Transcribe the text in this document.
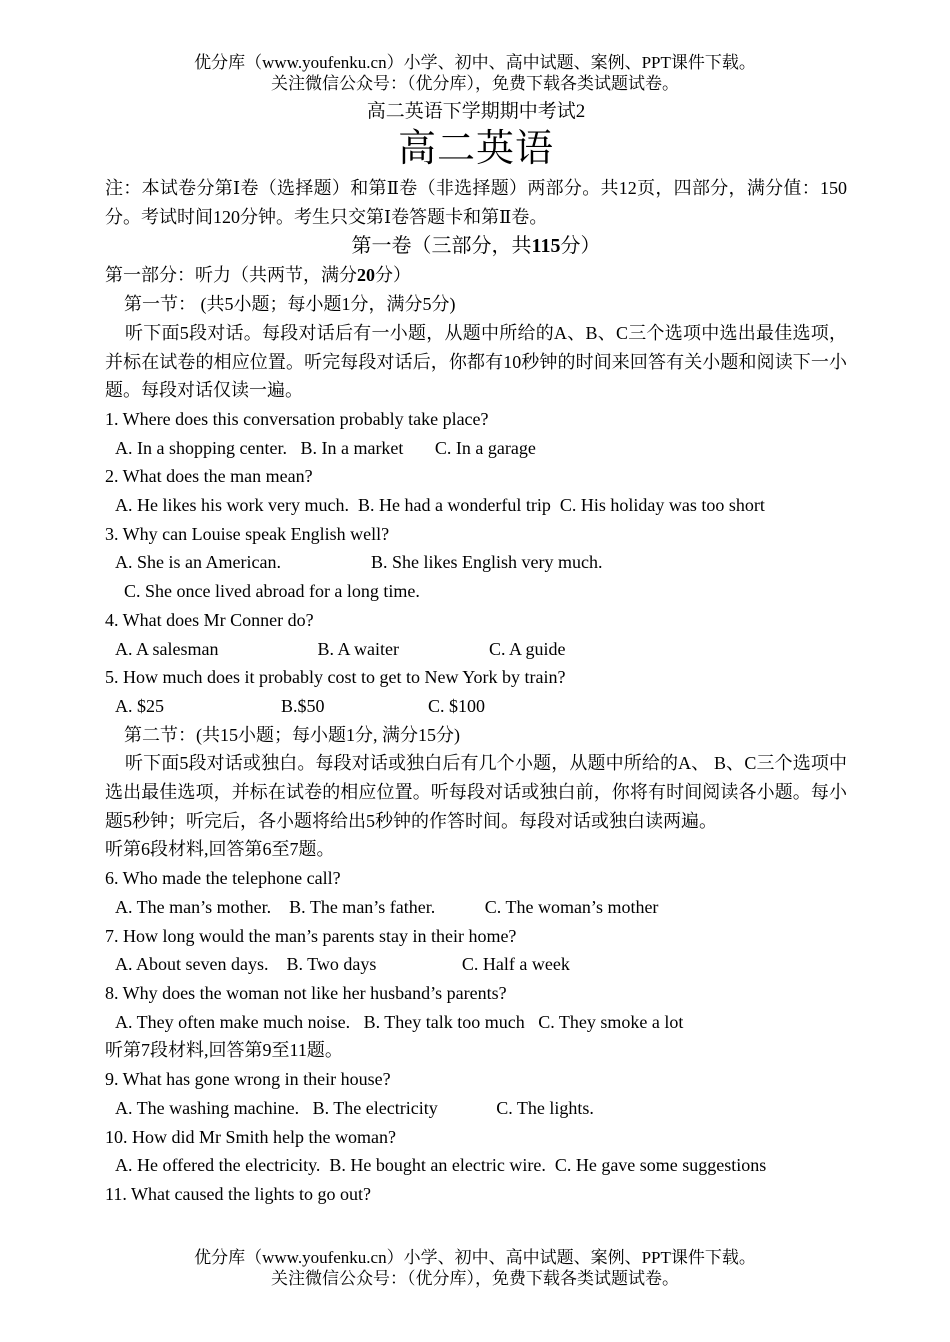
优分库（www.youfenku.cn）小学、初中、高中试题、案例、PPT课件下载。
关注微信公众号：（优分库），免费下载各类试题试卷。
高二英语下学期期中考试2
高二英语

注：本试卷分第Ⅰ卷（选择题）和第Ⅱ卷（非选择题）两部分。共12页，四部分，满分值：150分。考试时间120分钟。考生只交第Ⅰ卷答题卡和第Ⅱ卷。

第一卷（三部分，共115分）

第一部分：听力（共两节，满分20分）

第一节： (共5小题；每小题1分，满分5分)

听下面5段对话。每段对话后有一小题，从题中所给的A、B、C三个选项中选出最佳选项，并标在试卷的相应位置。听完每段对话后，你都有10秒钟的时间来回答有关小题和阅读下一小题。每段对话仅读一遍。

1. Where does this conversation probably take place?

A. In a shopping center.   B. In a market       C. In a garage

2. What does the man mean?

A. He likes his work very much.  B. He had a wonderful trip  C. His holiday was too short

3. Why can Louise speak English well?

A. She is an American.                    B. She likes English very much.

C. She once lived abroad for a long time.

4. What does Mr Conner do?

A. A salesman                      B. A waiter                    C. A guide

5. How much does it probably cost to get to New York by train?

A. $25                          B.$50                       C. $100

第二节：(共15小题；每小题1分, 满分15分)

听下面5段对话或独白。每段对话或独白后有几个小题，从题中所给的A、 B、C三个选项中选出最佳选项，并标在试卷的相应位置。听每段对话或独白前，你将有时间阅读各小题。每小题5秒钟；听完后，各小题将给出5秒钟的作答时间。每段对话或独白读两遍。

听第6段材料,回答第6至7题。

6. Who made the telephone call?

A. The man’s mother.    B. The man’s father.           C. The woman’s mother

7. How long would the man’s parents stay in their home?

A. About seven days.    B. Two days                   C. Half a week

8. Why does the woman not like her husband’s parents?

A. They often make much noise.   B. They talk too much   C. They smoke a lot

听第7段材料,回答第9至11题。

9. What has gone wrong in their house?

A. The washing machine.   B. The electricity             C. The lights.

10. How did Mr Smith help the woman?

A. He offered the electricity.  B. He bought an electric wire.  C. He gave some suggestions

11. What caused the lights to go out?

优分库（www.youfenku.cn）小学、初中、高中试题、案例、PPT课件下载。
关注微信公众号：（优分库），免费下载各类试题试卷。
